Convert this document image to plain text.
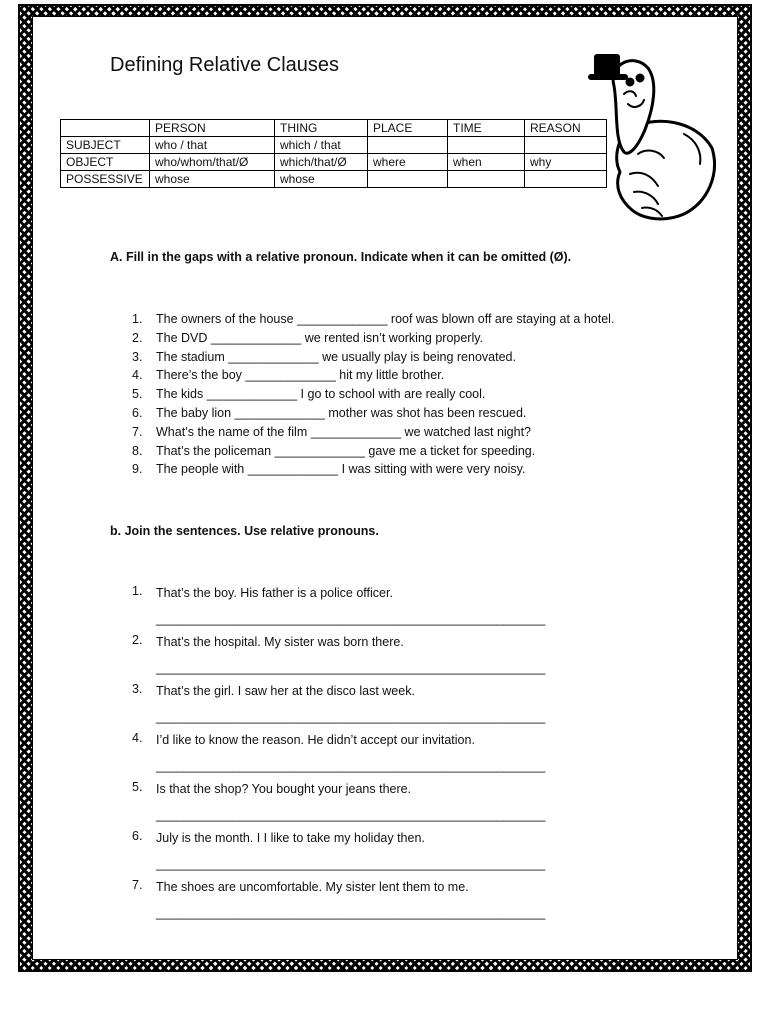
Defining Relative Clauses
	PERSON	THING	PLACE	TIME	REASON
SUBJECT	who / that	which / that			
OBJECT	who/whom/that/Ø	which/that/Ø	where	when	why
POSSESSIVE	whose	whose			
A. Fill in the gaps with a relative pronoun. Indicate when it can be omitted (Ø).
1.	The owners of the house _____________ roof was blown off are staying at a hotel.
2.	The DVD _____________ we rented isn’t working properly.
3.	The stadium _____________ we usually play is being renovated.
4.	There’s the boy _____________ hit my little brother.
5.	The kids _____________ I go to school with are really cool.
6.	The baby lion _____________ mother was shot has been rescued.
7.	What’s the name of the film _____________ we watched last night?
8.	That’s the policeman _____________ gave me a ticket for speeding.
9.	The people with _____________ I was sitting with were very noisy.
b. Join the sentences. Use relative pronouns.
1.	That’s the boy. His father is a police officer.
________________________________________________________
2.	That’s the hospital. My sister was born there.
________________________________________________________
3.	That’s the girl. I saw her at the disco last week.
________________________________________________________
4.	I’d like to know the reason. He didn’t accept our invitation.
________________________________________________________
5.	Is that the shop? You bought your jeans there.
________________________________________________________
6.	July is the month. I I like to take my holiday then.
________________________________________________________
7.	The shoes are uncomfortable. My sister lent them to me.
________________________________________________________
